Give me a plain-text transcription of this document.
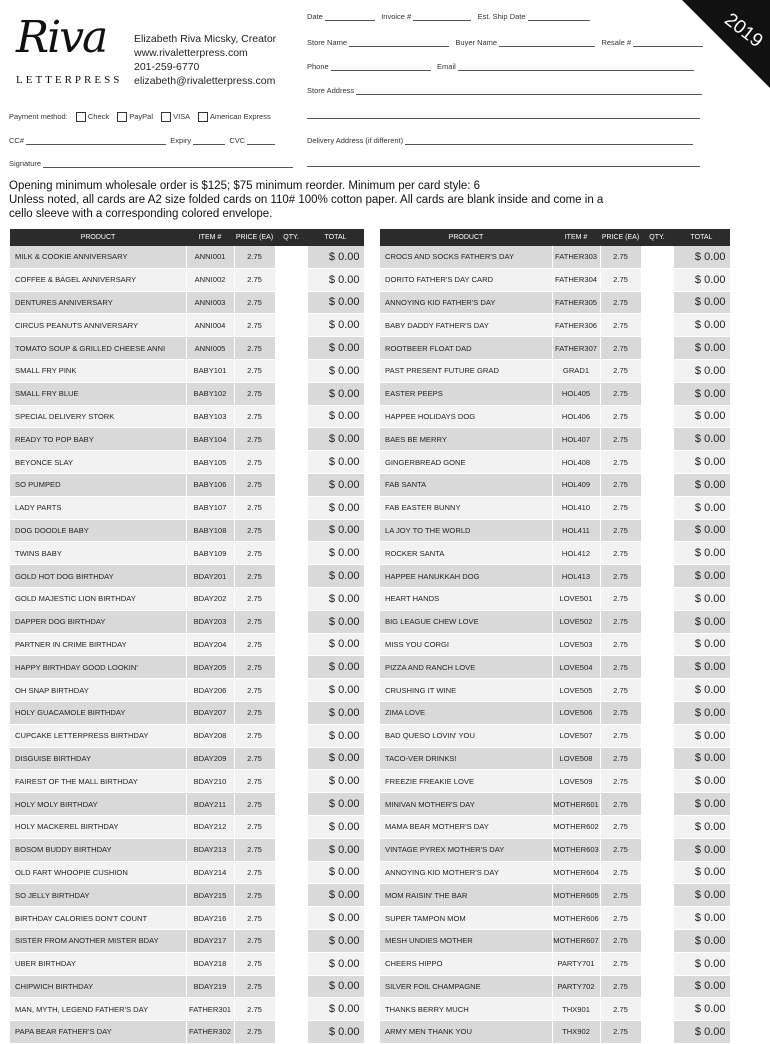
Riva
LETTERPRESS
Elizabeth Riva Micsky, Creator
www.rivaletterpress.com
201-259-6770
elizabeth@rivaletterpress.com
2019
Date	Invoice #	Est. Ship Date
Store Name	Buyer Name	Resale #
Phone	Email
Store Address
Payment method:	Check	PayPal	VISA	American Express
CC#	Expiry	CVC	Delivery Address (if different)
Signature
Opening minimum wholesale order is $125; $75 minimum reorder. Minimum per card style: 6
Unless noted, all cards are A2 size folded cards on 110# 100% cotton paper. All cards are blank inside and come in a cello sleeve with a corresponding colored envelope.
PRODUCT	ITEM #	PRICE (EA)	QTY.	TOTAL
MILK & COOKIE ANNIVERSARY	ANNI001	2.75		$ 0.00
COFFEE & BAGEL ANNIVERSARY	ANNI002	2.75		$ 0.00
DENTURES ANNIVERSARY	ANNI003	2.75		$ 0.00
CIRCUS PEANUTS ANNIVERSARY	ANNI004	2.75		$ 0.00
TOMATO SOUP & GRILLED CHEESE ANNI	ANNI005	2.75		$ 0.00
SMALL FRY PINK	BABY101	2.75		$ 0.00
SMALL FRY BLUE	BABY102	2.75		$ 0.00
SPECIAL DELIVERY STORK	BABY103	2.75		$ 0.00
READY TO POP BABY	BABY104	2.75		$ 0.00
BEYONCE SLAY	BABY105	2.75		$ 0.00
SO PUMPED	BABY106	2.75		$ 0.00
LADY PARTS	BABY107	2.75		$ 0.00
DOG DOODLE BABY	BABY108	2.75		$ 0.00
TWINS BABY	BABY109	2.75		$ 0.00
GOLD HOT DOG BIRTHDAY	BDAY201	2.75		$ 0.00
GOLD MAJESTIC LION BIRTHDAY	BDAY202	2.75		$ 0.00
DAPPER DOG BIRTHDAY	BDAY203	2.75		$ 0.00
PARTNER IN CRIME BIRTHDAY	BDAY204	2.75		$ 0.00
HAPPY BIRTHDAY GOOD LOOKIN'	BDAY205	2.75		$ 0.00
OH SNAP BIRTHDAY	BDAY206	2.75		$ 0.00
HOLY GUACAMOLE BIRTHDAY	BDAY207	2.75		$ 0.00
CUPCAKE LETTERPRESS BIRTHDAY	BDAY208	2.75		$ 0.00
DISGUISE BIRTHDAY	BDAY209	2.75		$ 0.00
FAIREST OF THE MALL BIRTHDAY	BDAY210	2.75		$ 0.00
HOLY MOLY BIRTHDAY	BDAY211	2.75		$ 0.00
HOLY MACKEREL BIRTHDAY	BDAY212	2.75		$ 0.00
BOSOM BUDDY BIRTHDAY	BDAY213	2.75		$ 0.00
OLD FART WHOOPIE CUSHION	BDAY214	2.75		$ 0.00
SO JELLY BIRTHDAY	BDAY215	2.75		$ 0.00
BIRTHDAY CALORIES DON'T COUNT	BDAY216	2.75		$ 0.00
SISTER FROM ANOTHER MISTER BDAY	BDAY217	2.75		$ 0.00
UBER BIRTHDAY	BDAY218	2.75		$ 0.00
CHIPWICH BIRTHDAY	BDAY219	2.75		$ 0.00
MAN, MYTH, LEGEND FATHER'S DAY	FATHER301	2.75		$ 0.00
PAPA BEAR FATHER'S DAY	FATHER302	2.75		$ 0.00
PRODUCT	ITEM #	PRICE (EA)	QTY.	TOTAL
CROCS AND SOCKS FATHER'S DAY	FATHER303	2.75		$ 0.00
DORITO FATHER'S DAY CARD	FATHER304	2.75		$ 0.00
ANNOYING KID FATHER'S DAY	FATHER305	2.75		$ 0.00
BABY DADDY FATHER'S DAY	FATHER306	2.75		$ 0.00
ROOTBEER FLOAT DAD	FATHER307	2.75		$ 0.00
PAST PRESENT FUTURE GRAD	GRAD1	2.75		$ 0.00
EASTER PEEPS	HOL405	2.75		$ 0.00
HAPPEE HOLIDAYS DOG	HOL406	2.75		$ 0.00
BAES BE MERRY	HOL407	2.75		$ 0.00
GINGERBREAD GONE	HOL408	2.75		$ 0.00
FAB SANTA	HOL409	2.75		$ 0.00
FAB EASTER BUNNY	HOL410	2.75		$ 0.00
LA JOY TO THE WORLD	HOL411	2.75		$ 0.00
ROCKER SANTA	HOL412	2.75		$ 0.00
HAPPEE HANUKKAH DOG	HOL413	2.75		$ 0.00
HEART HANDS	LOVE501	2.75		$ 0.00
BIG LEAGUE CHEW LOVE	LOVE502	2.75		$ 0.00
MISS YOU CORGI	LOVE503	2.75		$ 0.00
PIZZA AND RANCH LOVE	LOVE504	2.75		$ 0.00
CRUSHING IT WINE	LOVE505	2.75		$ 0.00
ZIMA LOVE	LOVE506	2.75		$ 0.00
BAD QUESO LOVIN' YOU	LOVE507	2.75		$ 0.00
TACO-VER DRINKS!	LOVE508	2.75		$ 0.00
FREEZIE FREAKIE LOVE	LOVE509	2.75		$ 0.00
MINIVAN MOTHER'S DAY	MOTHER601	2.75		$ 0.00
MAMA BEAR MOTHER'S DAY	MOTHER602	2.75		$ 0.00
VINTAGE PYREX MOTHER'S DAY	MOTHER603	2.75		$ 0.00
ANNOYING KID MOTHER'S DAY	MOTHER604	2.75		$ 0.00
MOM RAISIN' THE BAR	MOTHER605	2.75		$ 0.00
SUPER TAMPON MOM	MOTHER606	2.75		$ 0.00
MESH UNDIES MOTHER	MOTHER607	2.75		$ 0.00
CHEERS HIPPO	PARTY701	2.75		$ 0.00
SILVER FOIL CHAMPAGNE	PARTY702	2.75		$ 0.00
THANKS BERRY MUCH	THX901	2.75		$ 0.00
ARMY MEN THANK YOU	THX902	2.75		$ 0.00
